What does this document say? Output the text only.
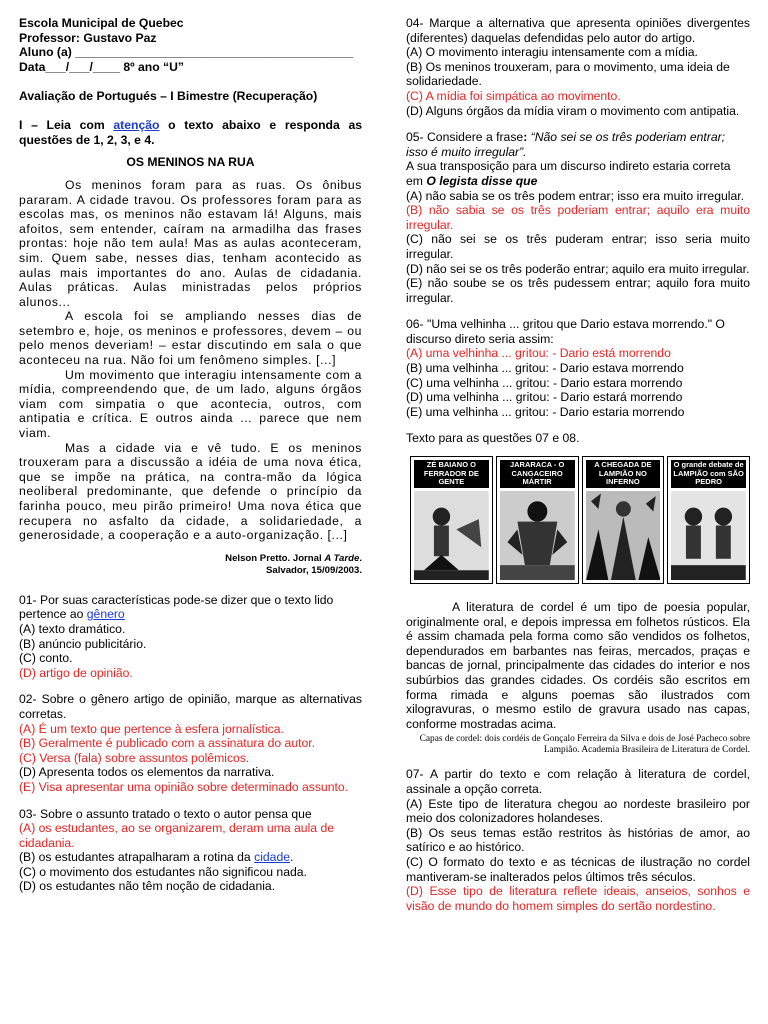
Escola Municipal de Quebec

Professor: Gustavo Paz

Aluno (a) _________________________________________

Data___/___/____ 8º ano “U”

Avaliação de Portugués – I Bimestre (Recuperação)

I – Leia com atenção o texto abaixo e responda as questões de 1, 2, 3, e 4.

OS MENINOS NA RUA

Os meninos foram para as ruas. Os ônibus pararam. A cidade travou. Os professores foram para as escolas mas, os meninos não estavam lá! Alguns, mais afoitos, sem entender, caíram na armadilha das frases prontas: hoje não tem aula! Mas as aulas aconteceram, sim. Quem sabe, nesses dias, tenham acontecido as aulas mais importantes do ano. Aulas de cidadania. Aulas práticas. Aulas ministradas pelos próprios alunos...

A escola foi se ampliando nesses dias de setembro e, hoje, os meninos e professores, devem – ou pelo menos deveriam! – estar discutindo em sala o que aconteceu na rua. Não foi um fenômeno simples. [...]

Um movimento que interagiu intensamente com a mídia, compreendendo que, de um lado, alguns órgãos viam com simpatia o que acontecia, outros, com antipatia e crítica. E outros ainda ... parece que nem viam.

Mas a cidade via e vê tudo. E os meninos trouxeram para a discussão a idéia de uma nova ética, que se impõe na prática, na contra-mão da lógica neoliberal predominante, que defende o princípio da farinha pouco, meu pirão primeiro! Uma nova ética que recupera no asfalto da cidade, a solidariedade, a generosidade, a cooperação e a auto-organização. [...]

Nelson Pretto. Jornal A Tarde.

Salvador, 15/09/2003.

01- Por suas características pode-se dizer que o texto lido pertence ao gênero

(A) texto dramático.

(B) anúncio publicitário.

(C) conto.

(D) artigo de opinião.

02- Sobre o gênero artigo de opinião, marque as alternativas corretas.

(A) É um texto que pertence à esfera jornalística.

(B) Geralmente é publicado com a assinatura do autor.

(C) Versa (fala) sobre assuntos polêmicos.

(D) Apresenta todos os elementos da narrativa.

(E) Visa apresentar uma opinião sobre determinado assunto.

03- Sobre o assunto tratado o texto o autor pensa que

(A) os estudantes, ao se organizarem, deram uma aula de cidadania.

(B) os estudantes atrapalharam a rotina da cidade.

(C) o movimento dos estudantes não significou nada.

(D) os estudantes não têm noção de cidadania.

04- Marque a alternativa que apresenta opiniões divergentes (diferentes) daquelas defendidas pelo autor do artigo.

(A) O movimento interagiu intensamente com a mídia.

(B) Os meninos trouxeram, para o movimento, uma ideia de solidariedade.

(C) A mídia foi simpática ao movimento.

(D) Alguns órgãos da mídia viram o movimento com antipatia.

05- Considere a frase: “Não sei se os três poderiam entrar; isso é muito irregular”.

A sua transposição para um discurso indireto estaria correta em O legista disse que

(A) não sabia se os três podem entrar; isso era muito irregular.

(B) não sabia se os três poderiam entrar; aquilo era muito irregular.

(C) não sei se os três puderam entrar; isso seria muito irregular.

(D) não sei se os três poderão entrar; aquilo era muito irregular.

(E) não soube se os três pudessem entrar; aquilo fora muito irregular.

06- "Uma velhinha ... gritou que Dario estava morrendo." O discurso direto seria assim:

(A) uma velhinha ... gritou: - Dario está morrendo

(B) uma velhinha ... gritou: - Dario estava morrendo

(C) uma velhinha ... gritou: - Dario estara morrendo

(D) uma velhinha ... gritou: - Dario estará morrendo

(E) uma velhinha ... gritou: - Dario estaria morrendo

Texto para as questões 07 e 08.

ZÉ BAIANO O FERRADOR DE GENTE
JARARACA - O CANGACEIRO MÁRTIR
A CHEGADA DE LAMPIÃO NO INFERNO
O grande debate de LAMPIÃO com SÃO PEDRO

A literatura de cordel é um tipo de poesia popular, originalmente oral, e depois impressa em folhetos rústicos. Ela é assim chamada pela forma como são vendidos os folhetos, dependurados em barbantes nas feiras, mercados, praças e bancas de jornal, principalmente das cidades do interior e nos subúrbios das grandes cidades. Os cordéis são escritos em forma rimada e alguns poemas são ilustrados com xilogravuras, o mesmo estilo de gravura usado nas capas, conforme mostradas acima.

Capas de cordel: dois cordéis de Gonçalo Ferreira da Silva e dois de José Pacheco sobre Lampião. Academia Brasileira de Literatura de Cordel.

07- A partir do texto e com relação à literatura de cordel, assinale a opção correta.

(A) Este tipo de literatura chegou ao nordeste brasileiro por meio dos colonizadores holandeses.

(B) Os seus temas estão restritos às histórias de amor, ao satírico e ao histórico.

(C) O formato do texto e as técnicas de ilustração no cordel mantiveram-se inalterados pelos últimos três séculos.

(D) Esse tipo de literatura reflete ideais, anseios, sonhos e visão de mundo do homem simples do sertão nordestino.
